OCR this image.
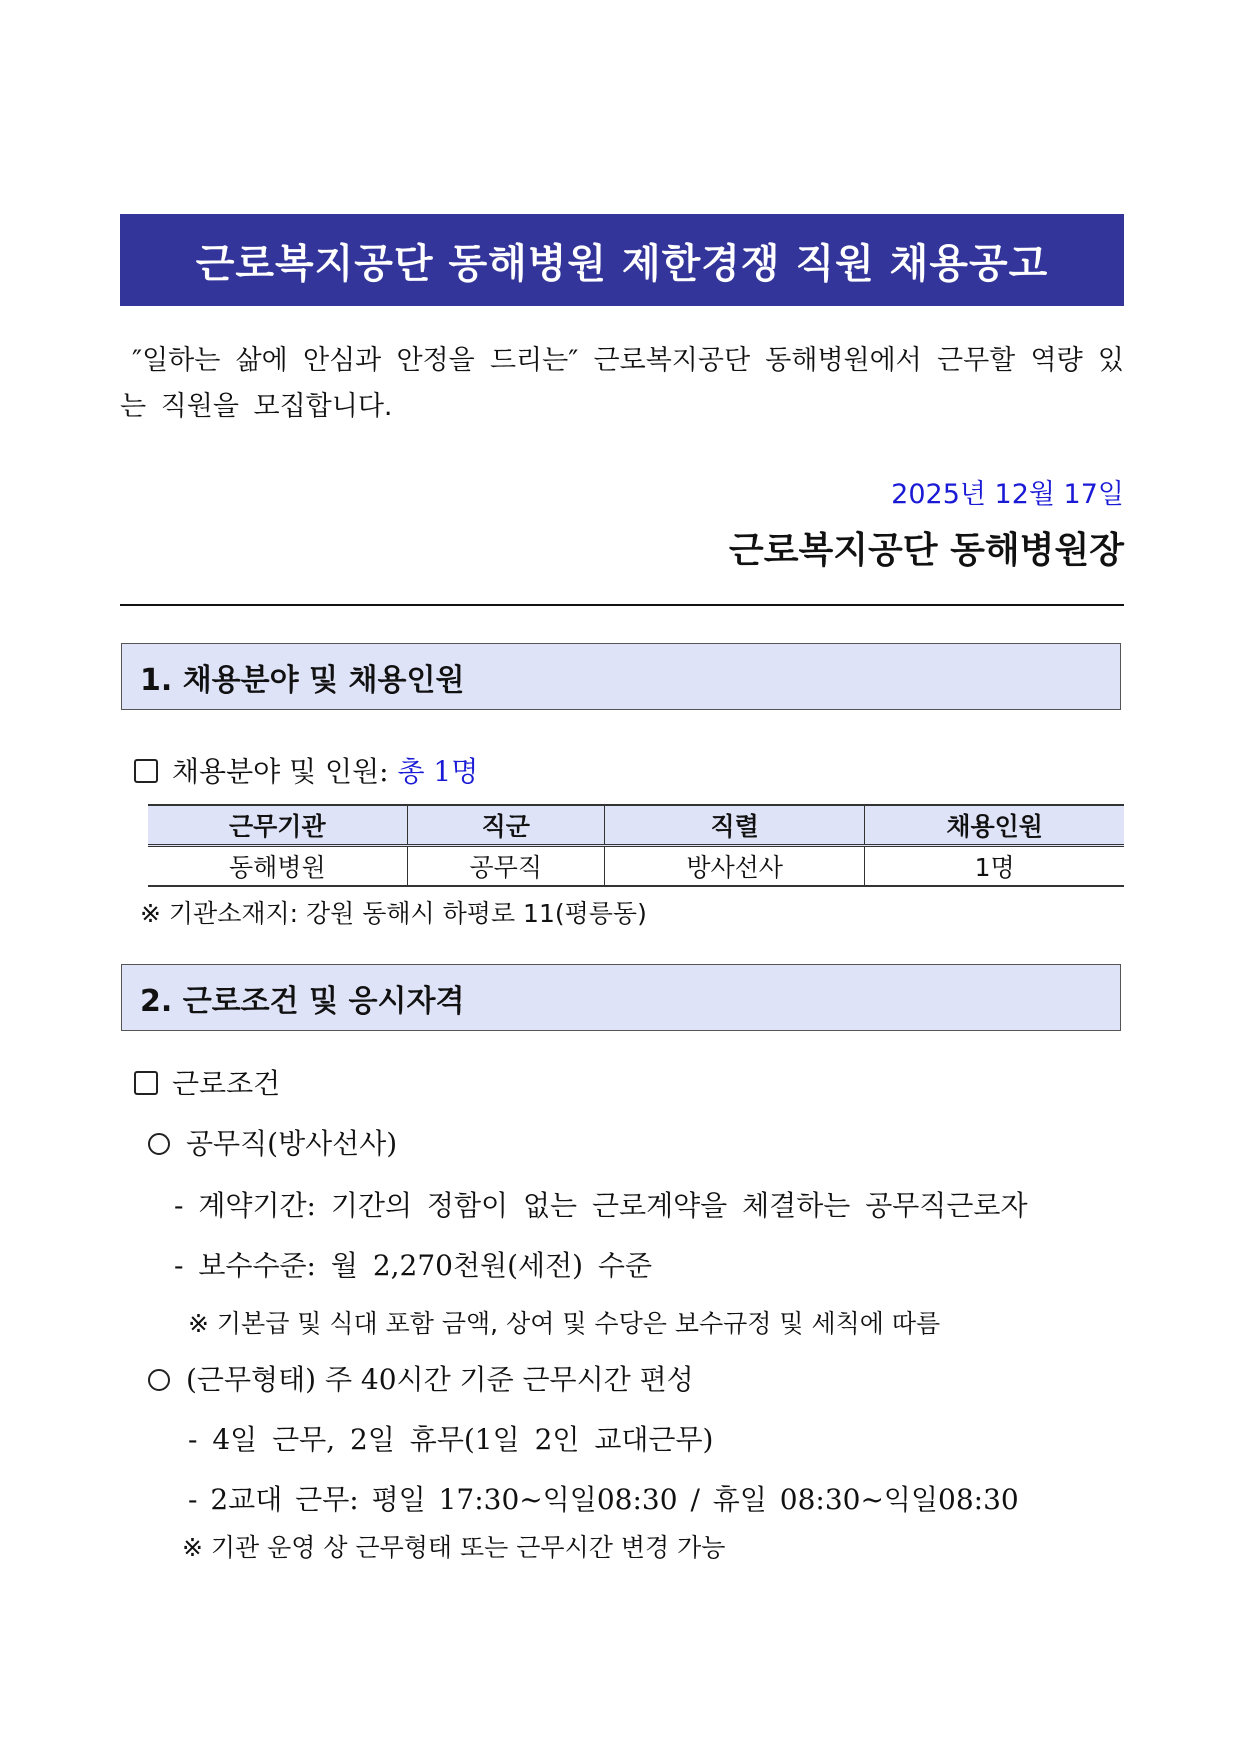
근로복지공단 동해병원 제한경쟁 직원 채용공고
″일하는 삶에 안심과 안정을 드리는″ 근로복지공단 동해병원에서 근무할 역량 있는 직원을 모집합니다.
2025년 12월 17일
근로복지공단 동해병원장
1. 채용분야 및 채용인원
채용분야 및 인원: 총 1명
근무기관	직군	직렬	채용인원
동해병원	공무직	방사선사	1명
※ 기관소재지: 강원 동해시 하평로 11(평릉동)
2. 근로조건 및 응시자격
근로조건
공무직(방사선사)
- 계약기간: 기간의 정함이 없는 근로계약을 체결하는 공무직근로자
- 보수수준: 월 2,270천원(세전) 수준
※ 기본급 및 식대 포함 금액, 상여 및 수당은 보수규정 및 세칙에 따름
(근무형태) 주 40시간 기준 근무시간 편성
- 4일 근무, 2일 휴무(1일 2인 교대근무)
- 2교대 근무: 평일 17:30~익일08:30 / 휴일 08:30~익일08:30
※ 기관 운영 상 근무형태 또는 근무시간 변경 가능
